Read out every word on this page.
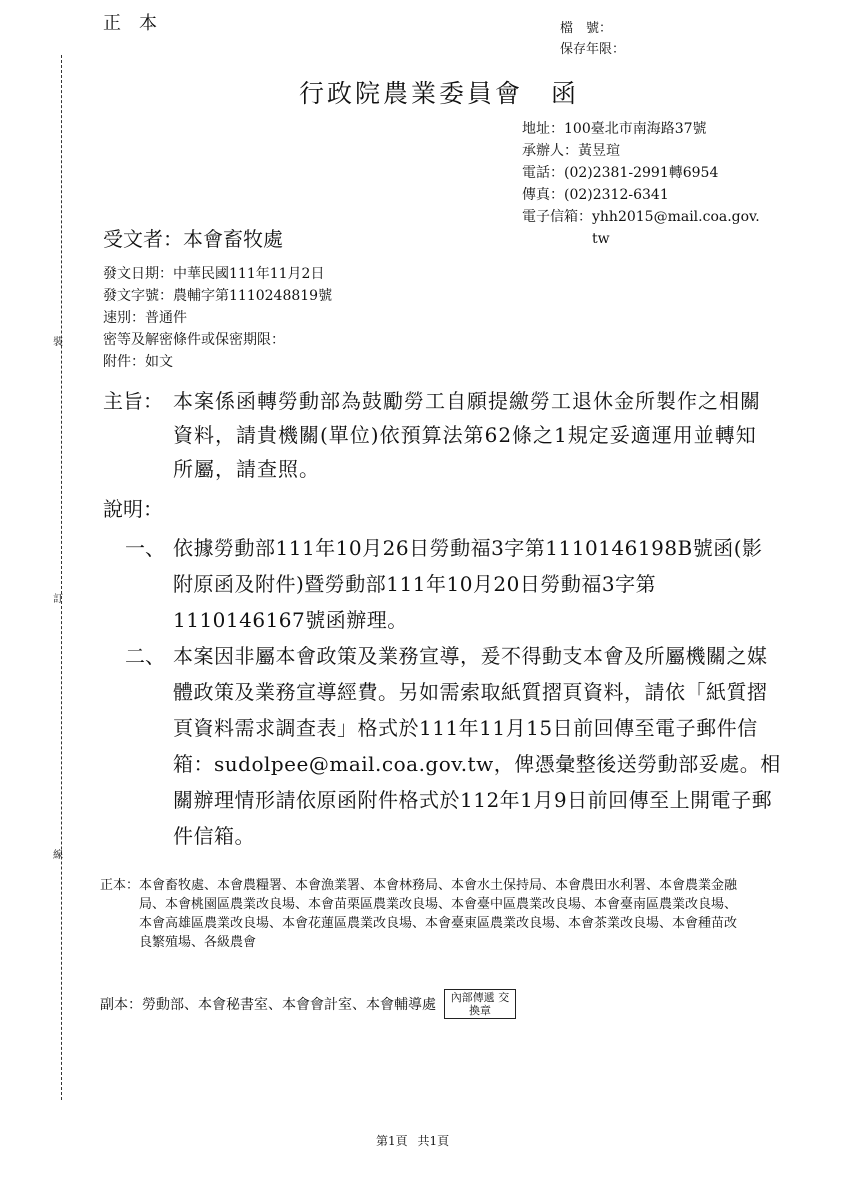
裝
訂
線
正本	檔　號：
保存年限：
行政院農業委員會　函
地址： 100臺北市南海路37號
承辦人： 黃昱瑄
電話： (02)2381-2991轉6954
傳真： (02)2312-6341
電子信箱： yhh2015@mail.coa.gov.tw
受文者：本會畜牧處
發文日期：中華民國111年11月2日
發文字號：農輔字第1110248819號
速別：普通件
密等及解密條件或保密期限：
附件：如文
主旨： 本案係函轉勞動部為鼓勵勞工自願提繳勞工退休金所製作之相關資料，請貴機關(單位)依預算法第62條之1規定妥適運用並轉知所屬，請查照。
說明：
一、 依據勞動部111年10月26日勞動福3字第1110146198B號函(影附原函及附件)暨勞動部111年10月20日勞動福3字第1110146167號函辦理。
二、 本案因非屬本會政策及業務宣導，爰不得動支本會及所屬機關之媒體政策及業務宣導經費。另如需索取紙質摺頁資料，請依「紙質摺頁資料需求調查表」格式於111年11月15日前回傳至電子郵件信箱：sudolpee@mail.coa.gov.tw，俾憑彙整後送勞動部妥處。相關辦理情形請依原函附件格式於112年1月9日前回傳至上開電子郵件信箱。
正本： 本會畜牧處、本會農糧署、本會漁業署、本會林務局、本會水土保持局、本會農田水利署、本會農業金融局、本會桃園區農業改良場、本會苗栗區農業改良場、本會臺中區農業改良場、本會臺南區農業改良場、本會高雄區農業改良場、本會花蓮區農業改良場、本會臺東區農業改良場、本會茶業改良場、本會種苗改良繁殖場、各級農會
副本： 勞動部、本會秘書室、本會會計室、本會輔導處	內部傳遞 交換章
第1頁 共1頁
